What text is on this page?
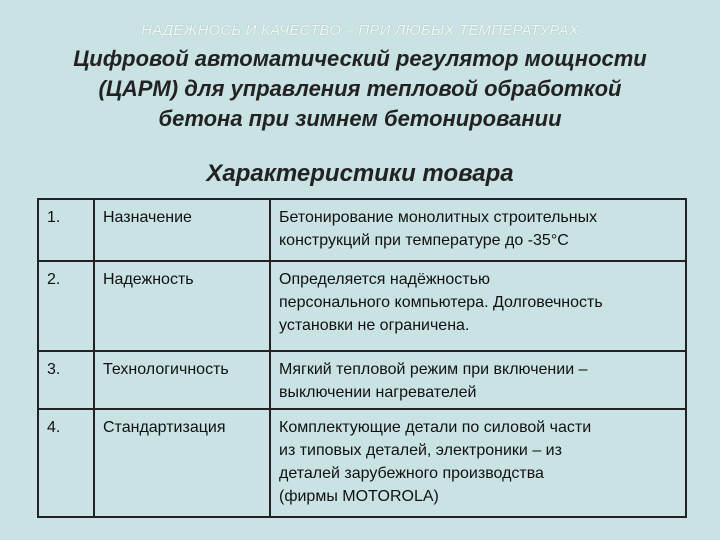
НАДЕЖНОСЬ И КАЧЕСТВО – ПРИ ЛЮБЫХ ТЕМПЕРАТУРАХ
Цифровой автоматический регулятор мощности
(ЦАРМ) для управления тепловой обработкой
бетона при зимнем бетонировании
Характеристики товара
1.	Назначение	Бетонирование монолитных строительных
конструкций при температуре до -35°С

2.	Надежность	Определяется надёжностью
персонального компьютера. Долговечность
установки не ограничена.

3.	Технологичность	Мягкий тепловой режим при включении –
выключении нагревателей

4.	Стандартизация	Комплектующие детали по силовой части
из типовых деталей, электроники – из
деталей зарубежного производства
(фирмы MOTOROLA)
